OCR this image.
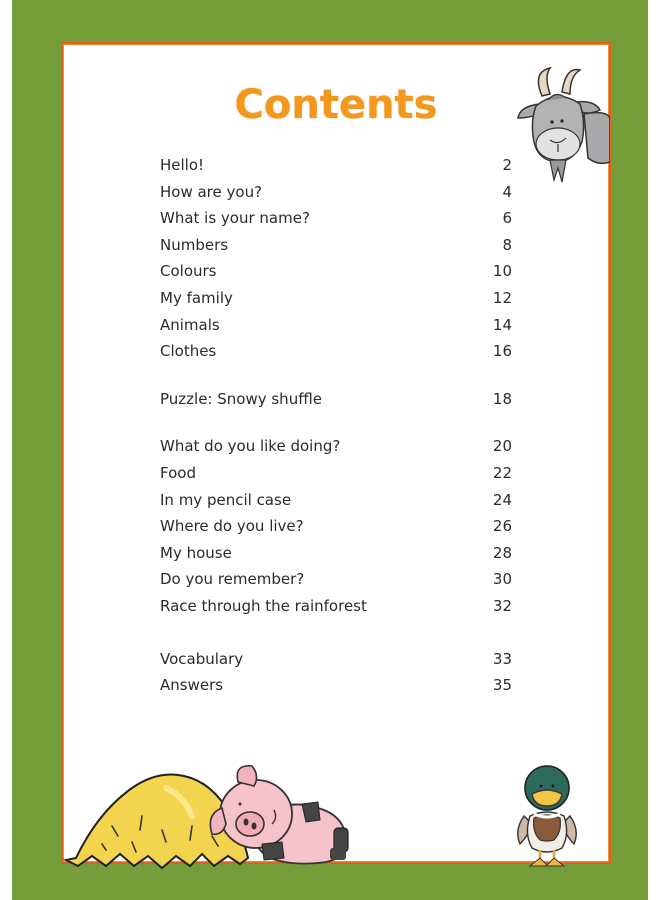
Contents
Hello!	2
How are you?	4
What is your name?	6
Numbers	8
Colours	10
My family	12
Animals	14
Clothes	16
Puzzle: Snowy shuffle	18
What do you like doing?	20
Food	22
In my pencil case	24
Where do you live?	26
My house	28
Do you remember?	30
Race through the rainforest	32
Vocabulary	33
Answers	35
